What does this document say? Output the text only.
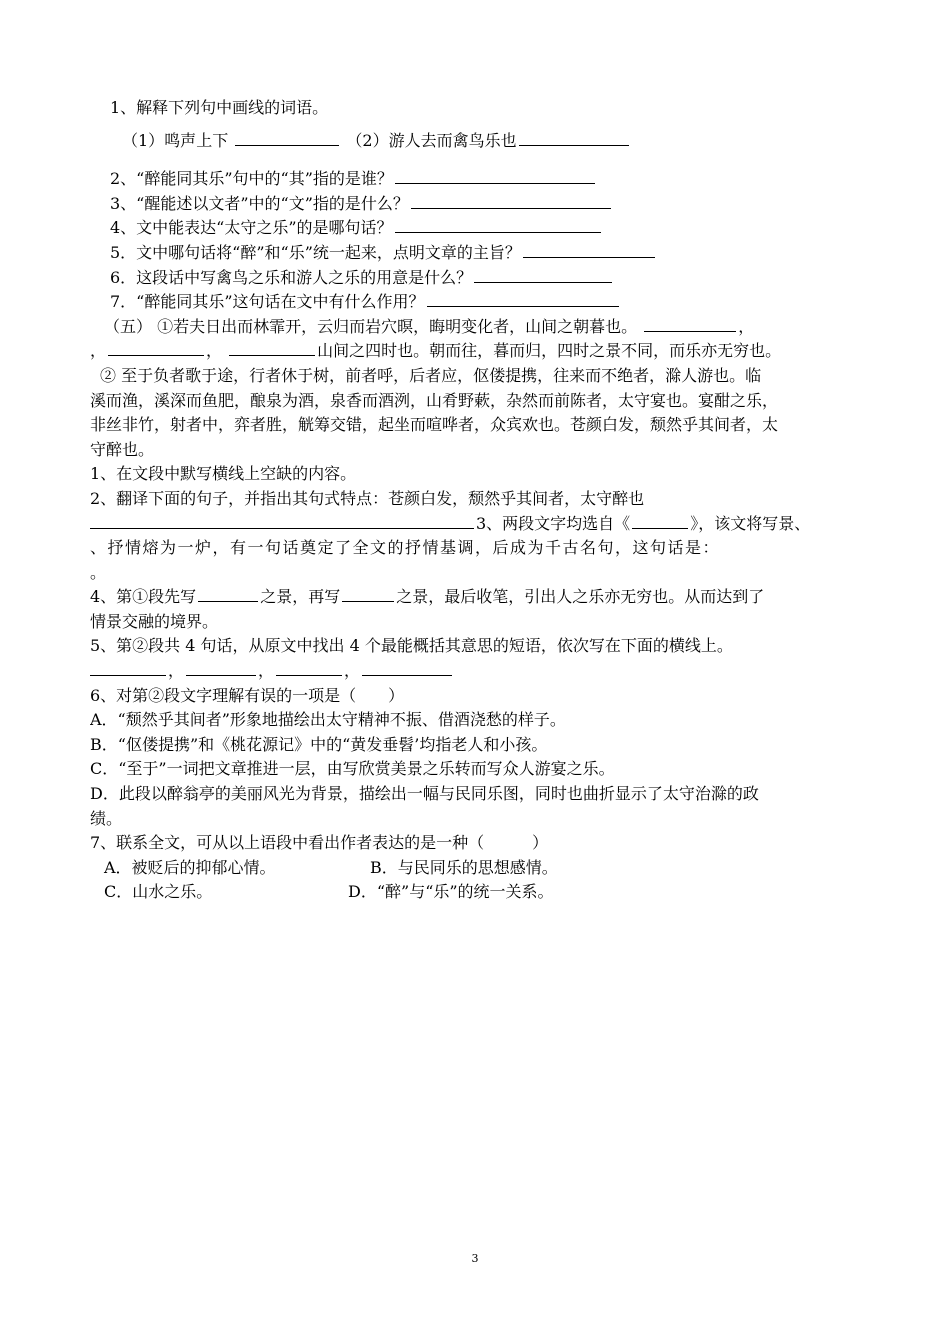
1、解释下列句中画线的词语。
（1）鸣声上下	（2）游人去而禽鸟乐也
2、“醉能同其乐”句中的“其”指的是谁？
3、“醒能述以文者”中的“文”指的是什么？
4、文中能表达“太守之乐”的是哪句话？
5．文中哪句话将“醉”和“乐”统一起来，点明文章的主旨？
6．这段话中写禽鸟之乐和游人之乐的用意是什么？
7．“醉能同其乐”这句话在文中有什么作用？
（五） ①若夫日出而林霏开，云归而岩穴暝，晦明变化者，山间之朝暮也。	，
，	，	山间之四时也。朝而往，暮而归，四时之景不同，而乐亦无穷也。
② 至于负者歌于途，行者休于树，前者呼，后者应，伛偻提携，往来而不绝者，滁人游也。临
溪而渔，溪深而鱼肥，酿泉为酒，泉香而酒洌，山肴野蔌，杂然而前陈者，太守宴也。宴酣之乐，
非丝非竹，射者中，弈者胜，觥筹交错，起坐而喧哗者，众宾欢也。苍颜白发，颓然乎其间者，太
守醉也。
1、在文段中默写横线上空缺的内容。
2、翻译下面的句子，并指出其句式特点：苍颜白发，颓然乎其间者，太守醉也
3、两段文字均选自《	》，该文将写景、
、抒情熔为一炉，有一句话奠定了全文的抒情基调，后成为千古名句，这句话是：
。
4、第①段先写	之景，再写	之景，最后收笔，引出人之乐亦无穷也。从而达到了
情景交融的境界。
5、第②段共 4 句话，从原文中找出 4 个最能概括其意思的短语，依次写在下面的横线上。
，	，	，
6、对第②段文字理解有误的一项是（　　）
A．“颓然乎其间者”形象地描绘出太守精神不振、借酒浇愁的样子。
B．“伛偻提携”和《桃花源记》中的“黄发垂髫’均指老人和小孩。
C．“至于”一词把文章推进一层，由写欣赏美景之乐转而写众人游宴之乐。
D．此段以醉翁亭的美丽风光为背景，描绘出一幅与民同乐图，同时也曲折显示了太守治滁的政
绩。
7、联系全文，可从以上语段中看出作者表达的是一种（　　　）
A．被贬后的抑郁心情。	B．与民同乐的思想感情。
C．山水之乐。	D．“醉”与“乐”的统一关系。
3
